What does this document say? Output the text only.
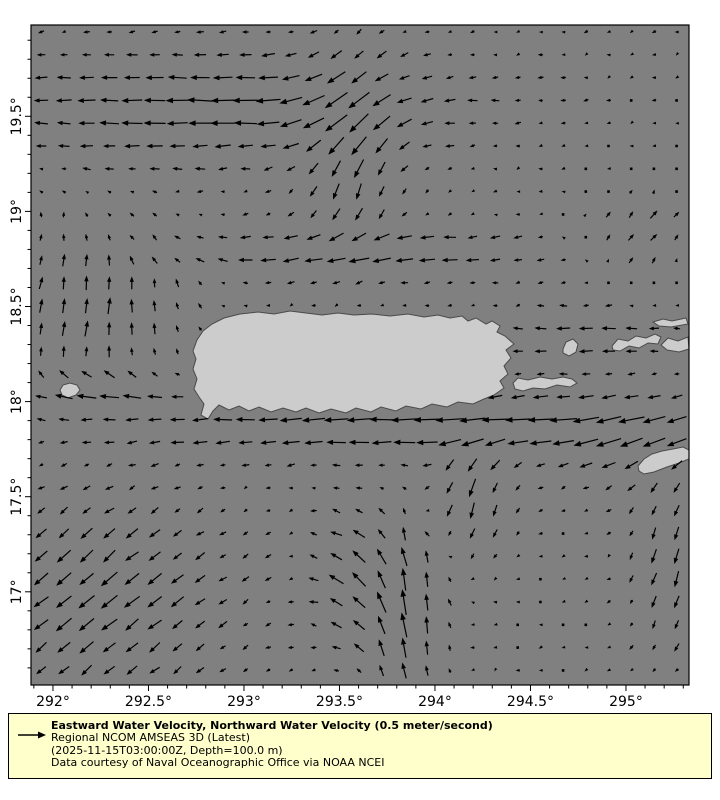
292°	292.5°	293°	293.5°	294°	294.5°	295°
17°
17.5°
18°
18.5°
19°
19.5°
Eastward Water Velocity, Northward Water Velocity (0.5 meter/second)
Regional NCOM AMSEAS 3D (Latest)
(2025-11-15T03:00:00Z, Depth=100.0 m)
Data courtesy of Naval Oceanographic Office via NOAA NCEI
